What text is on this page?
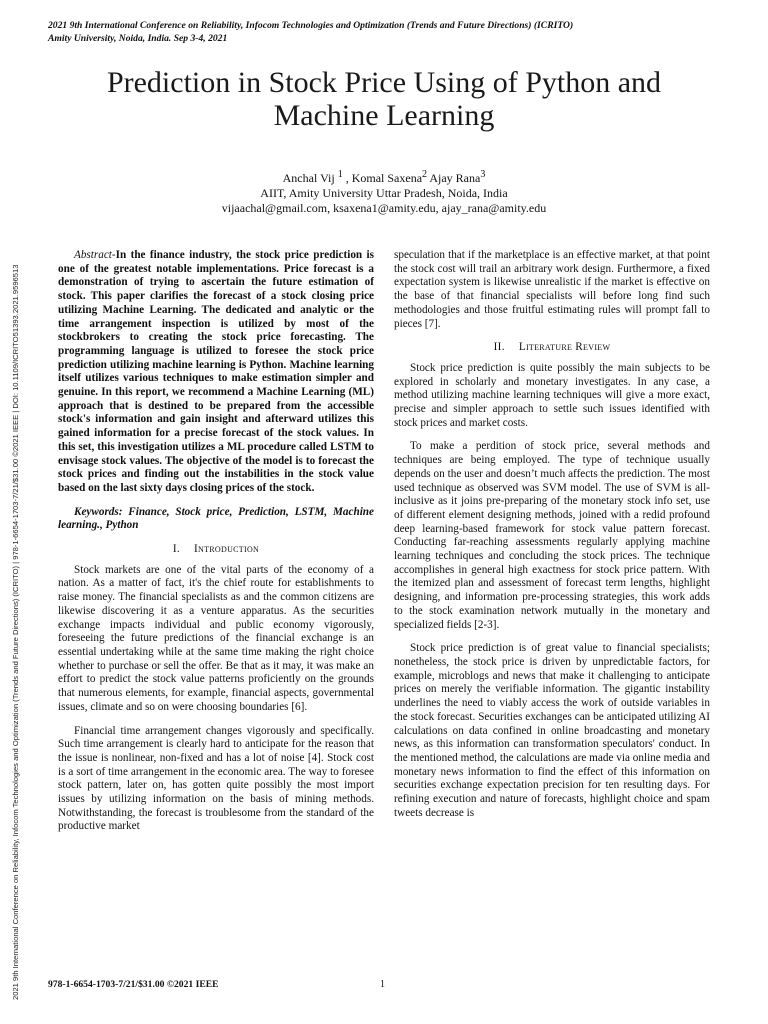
2021 9th International Conference on Reliability, Infocom Technologies and Optimization (Trends and Future Directions) (ICRITO)
Amity University, Noida, India. Sep 3-4, 2021
2021 9th International Conference on Reliability, Infocom Technologies and Optimization (Trends and Future Directions) (ICRITO) | 978-1-6654-1703-7/21/$31.00 ©2021 IEEE | DOI: 10.1109/ICRITO51393.2021.9596513
Prediction in Stock Price Using of Python and Machine Learning
Anchal Vij $^1$ , Komal Saxena$^2$ Ajay Rana$^3$
AIIT, Amity University Uttar Pradesh, Noida, India
vijaachal@gmail.com, ksaxena1@amity.edu, ajay_rana@amity.edu

Abstract-In the finance industry, the stock price prediction is one of the greatest notable implementations. Price forecast is a demonstration of trying to ascertain the future estimation of stock. This paper clarifies the forecast of a stock closing price utilizing Machine Learning. The dedicated and analytic or the time arrangement inspection is utilized by most of the stockbrokers to creating the stock price forecasting. The programming language is utilized to foresee the stock price prediction utilizing machine learning is Python. Machine learning itself utilizes various techniques to make estimation simpler and genuine. In this report, we recommend a Machine Learning (ML) approach that is destined to be prepared from the accessible stock's information and gain insight and afterward utilizes this gained information for a precise forecast of the stock values. In this set, this investigation utilizes a ML procedure called LSTM to envisage stock values. The objective of the model is to forecast the stock prices and finding out the instabilities in the stock value based on the last sixty days closing prices of the stock.

Keywords: Finance, Stock price, Prediction, LSTM, Machine learning., Python

I. Introduction

Stock markets are one of the vital parts of the economy of a nation. As a matter of fact, it's the chief route for establishments to raise money. The financial specialists as and the common citizens are likewise discovering it as a venture apparatus. As the securities exchange impacts individual and public economy vigorously, foreseeing the future predictions of the financial exchange is an essential undertaking while at the same time making the right choice whether to purchase or sell the offer. Be that as it may, it was make an effort to predict the stock value patterns proficiently on the grounds that numerous elements, for example, financial aspects, governmental issues, climate and so on were choosing boundaries [6].

Financial time arrangement changes vigorously and specifically. Such time arrangement is clearly hard to anticipate for the reason that the issue is nonlinear, non-fixed and has a lot of noise [4]. Stock cost is a sort of time arrangement in the economic area. The way to foresee stock pattern, later on, has gotten quite possibly the most import issues by utilizing information on the basis of mining methods. Notwithstanding, the forecast is troublesome from the standard of the productive market

speculation that if the marketplace is an effective market, at that point the stock cost will trail an arbitrary work design. Furthermore, a fixed expectation system is likewise unrealistic if the market is effective on the base of that financial specialists will before long find such methodologies and those fruitful estimating rules will prompt fall to pieces [7].

II. Literature Review

Stock price prediction is quite possibly the main subjects to be explored in scholarly and monetary investigates. In any case, a method utilizing machine learning techniques will give a more exact, precise and simpler approach to settle such issues identified with stock prices and market costs.

To make a perdition of stock price, several methods and techniques are being employed. The type of technique usually depends on the user and doesn’t much affects the prediction. The most used technique as observed was SVM model. The use of SVM is all-inclusive as it joins pre-preparing of the monetary stock info set, use of different element designing methods, joined with a redid profound deep learning-based framework for stock value pattern forecast. Conducting far-reaching assessments regularly applying machine learning techniques and concluding the stock prices. The technique accomplishes in general high exactness for stock price pattern. With the itemized plan and assessment of forecast term lengths, highlight designing, and information pre-processing strategies, this work adds to the stock examination network mutually in the monetary and specialized fields [2-3].

Stock price prediction is of great value to financial specialists; nonetheless, the stock price is driven by unpredictable factors, for example, microblogs and news that make it challenging to anticipate prices on merely the verifiable information. The gigantic instability underlines the need to viably access the work of outside variables in the stock forecast. Securities exchanges can be anticipated utilizing AI calculations on data confined in online broadcasting and monetary news, as this information can transformation speculators' conduct. In the mentioned method, the calculations are made via online media and monetary news information to find the effect of this information on securities exchange expectation precision for ten resulting days. For refining execution and nature of forecasts, highlight choice and spam tweets decrease is

978-1-6654-1703-7/21/$31.00 ©2021 IEEE	1
